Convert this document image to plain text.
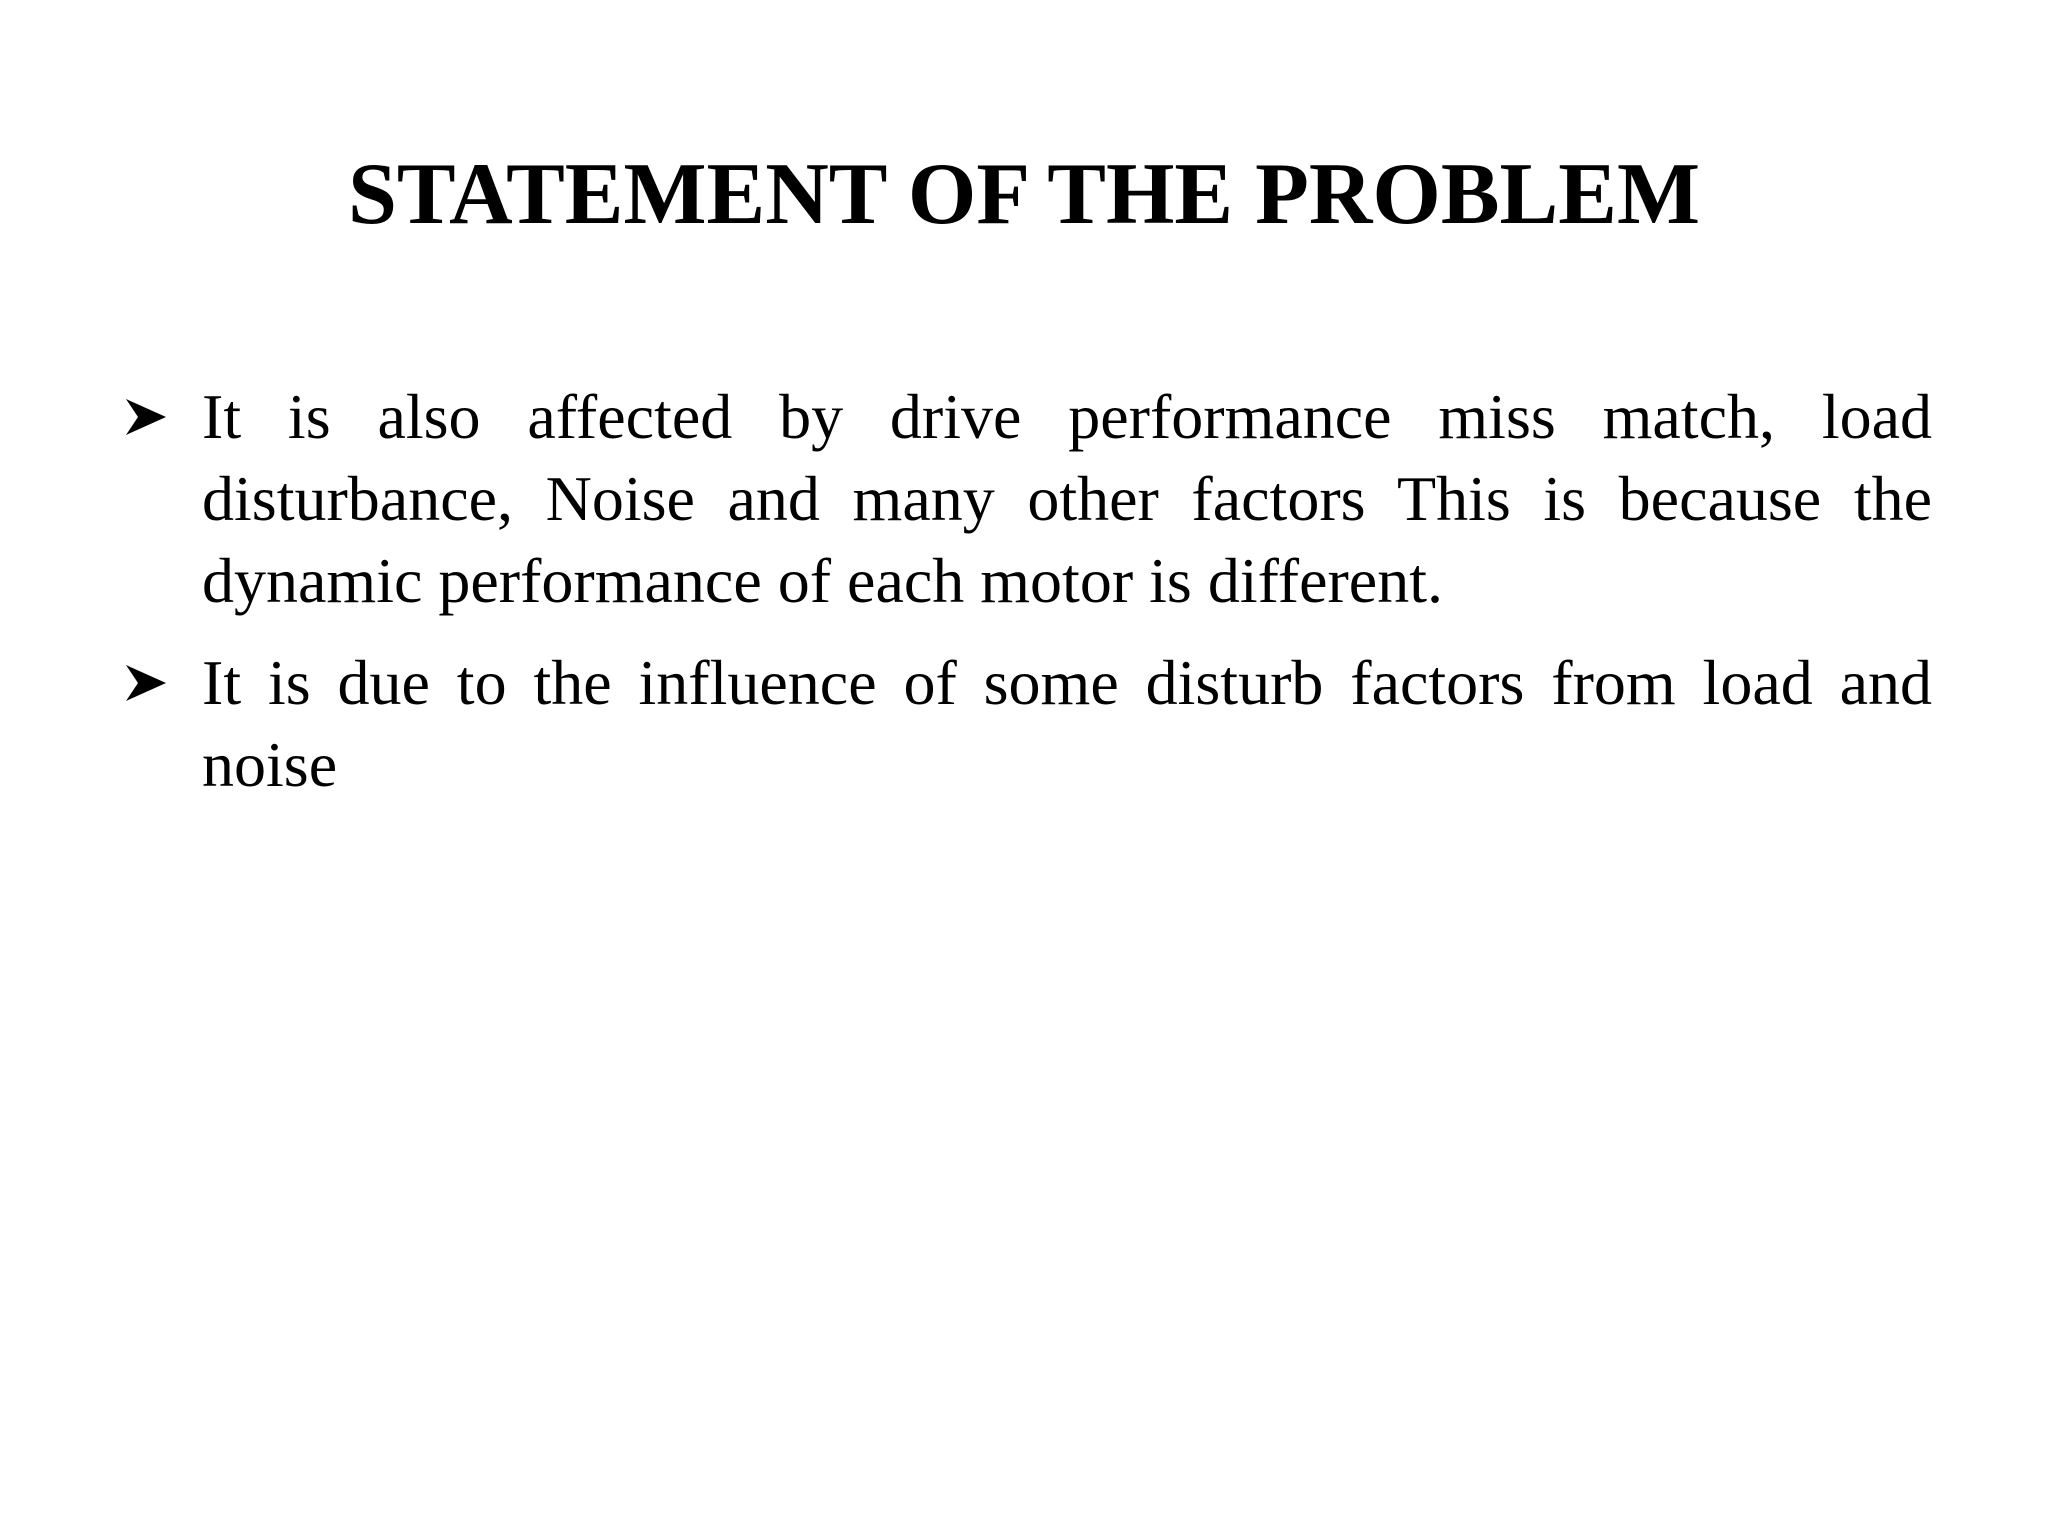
STATEMENT OF THE PROBLEM
It is also affected by drive performance miss match, load disturbance, Noise and many other factors This is because the dynamic performance of each motor is different.
It is due to the influence of some disturb factors from load and noise
